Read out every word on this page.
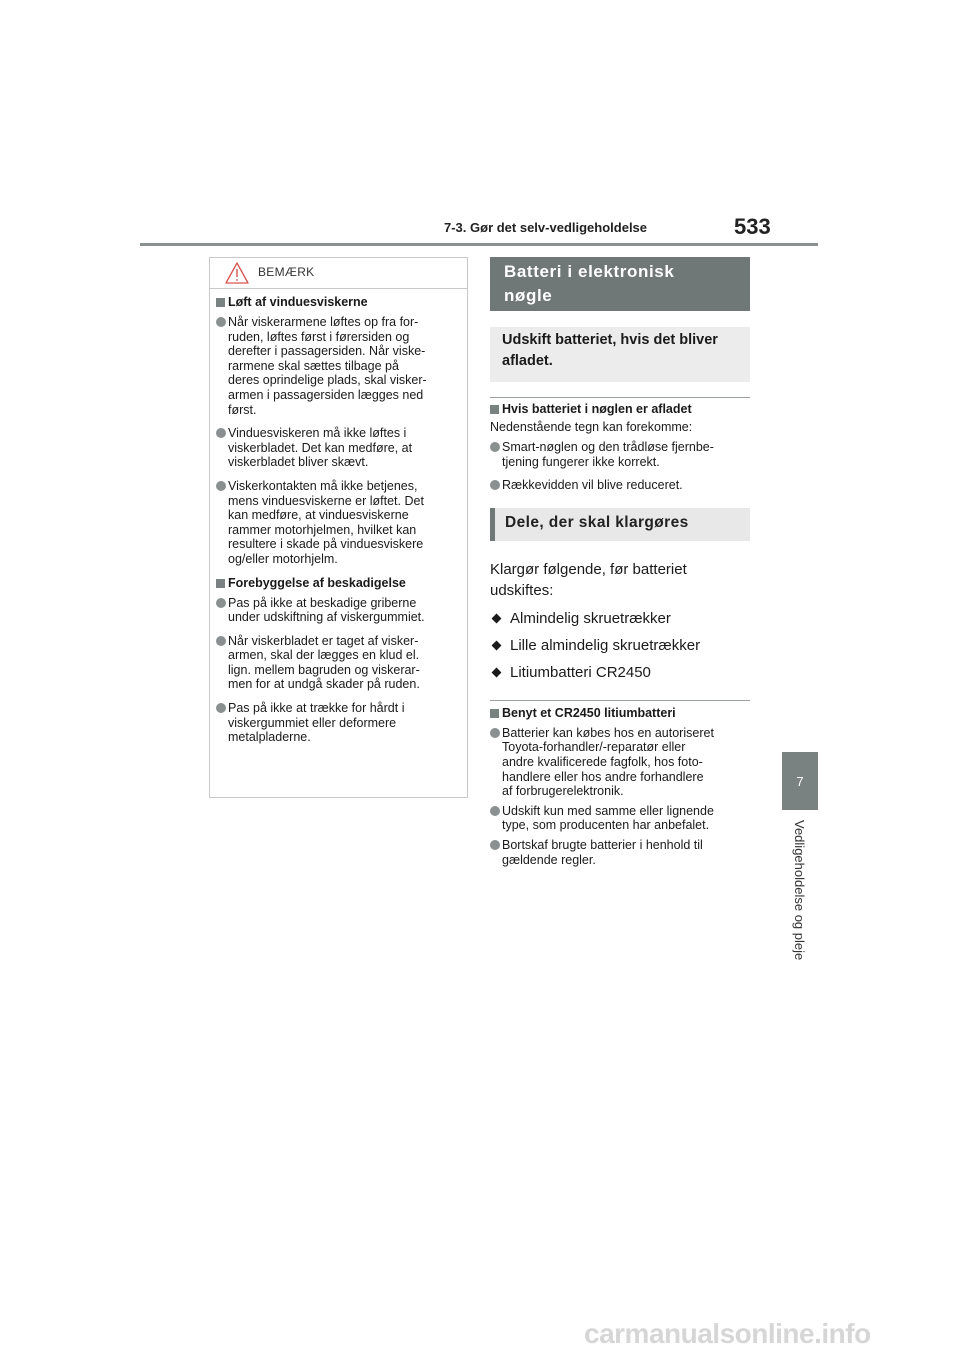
7-3. Gør det selv-vedligeholdelse	533
7
Vedligeholdelse og pleje
BEMÆRK
Løft af vinduesviskerne
Når viskerarmene løftes op fra for-
ruden, løftes først i førersiden og
derefter i passagersiden. Når viske-
rarmene skal sættes tilbage på
deres oprindelige plads, skal visker-
armen i passagersiden lægges ned
først.
Vinduesviskeren må ikke løftes i
viskerbladet. Det kan medføre, at
viskerbladet bliver skævt.
Viskerkontakten må ikke betjenes,
mens vinduesviskerne er løftet. Det
kan medføre, at vinduesviskerne
rammer motorhjelmen, hvilket kan
resultere i skade på vinduesviskere
og/eller motorhjelm.
Forebyggelse af beskadigelse
Pas på ikke at beskadige griberne
under udskiftning af viskergummiet.
Når viskerbladet er taget af visker-
armen, skal der lægges en klud el.
lign. mellem bagruden og viskerar-
men for at undgå skader på ruden.
Pas på ikke at trække for hårdt i
viskergummiet eller deformere
metalpladerne.
Batteri i elektronisk
nøgle
Udskift batteriet, hvis det bliver
afladet.
Hvis batteriet i nøglen er afladet
Nedenstående tegn kan forekomme:
Smart-nøglen og den trådløse fjernbe-
tjening fungerer ikke korrekt.
Rækkevidden vil blive reduceret.
Dele, der skal klargøres
Klargør følgende, før batteriet
udskiftes:
Almindelig skruetrækker
Lille almindelig skruetrækker
Litiumbatteri CR2450
Benyt et CR2450 litiumbatteri
Batterier kan købes hos en autoriseret
Toyota-forhandler/-reparatør eller
andre kvalificerede fagfolk, hos foto-
handlere eller hos andre forhandlere
af forbrugerelektronik.
Udskift kun med samme eller lignende
type, som producenten har anbefalet.
Bortskaf brugte batterier i henhold til
gældende regler.
carmanualsonline.info
